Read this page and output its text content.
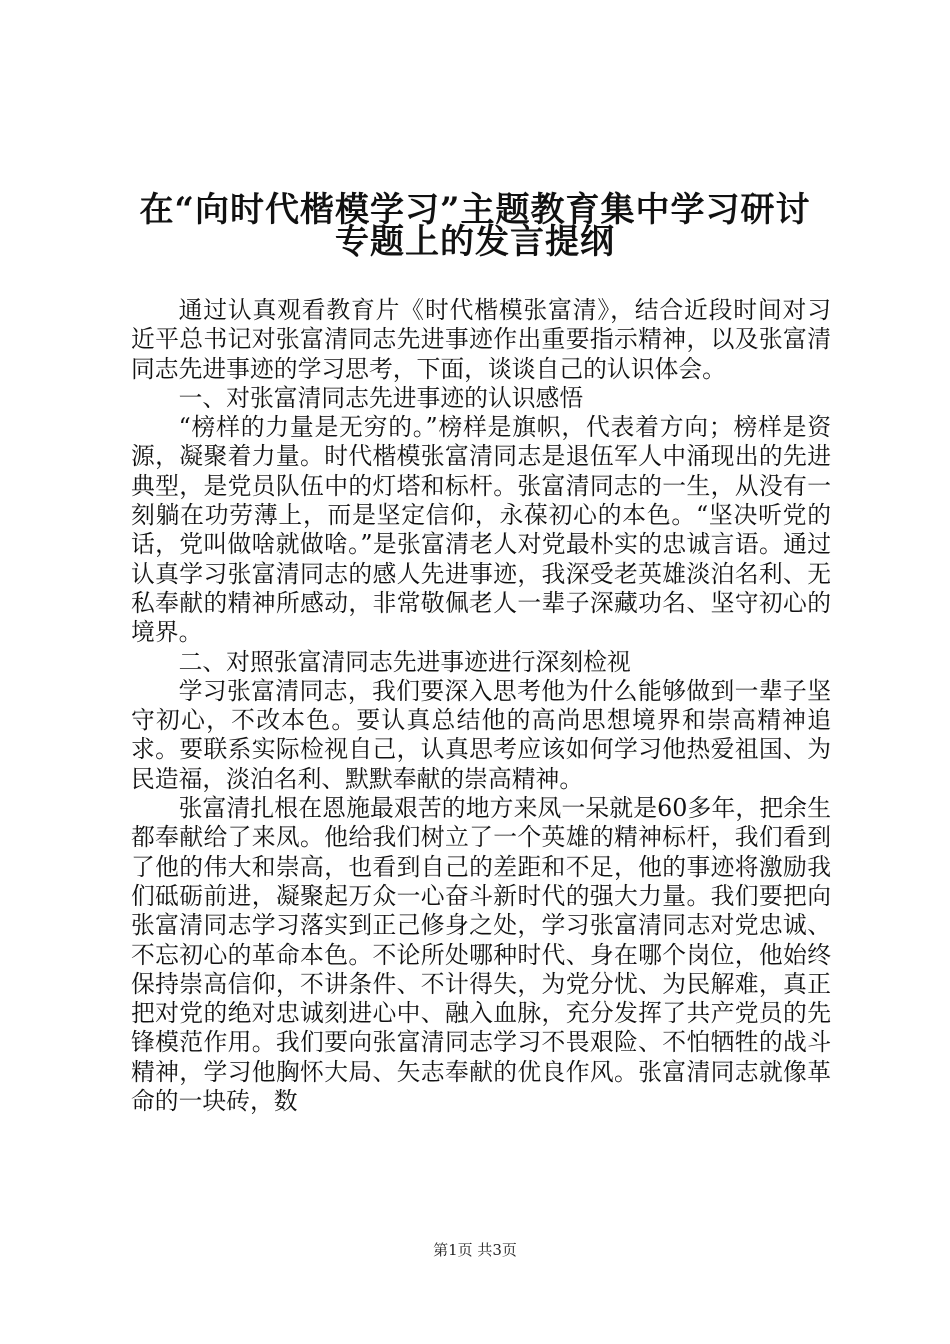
在“向时代楷模学习”主题教育集中学习研讨
专题上的发言提纲

通过认真观看教育片《时代楷模张富清》，结合近段时间对习近平总书记对张富清同志先进事迹作出重要指示精神，以及张富清同志先进事迹的学习思考，下面，谈谈自己的认识体会。

一、对张富清同志先进事迹的认识感悟

“榜样的力量是无穷的。”榜样是旗帜，代表着方向；榜样是资源，凝聚着力量。时代楷模张富清同志是退伍军人中涌现出的先进典型，是党员队伍中的灯塔和标杆。张富清同志的一生，从没有一刻躺在功劳薄上，而是坚定信仰，永葆初心的本色。“坚决听党的话，党叫做啥就做啥。”是张富清老人对党最朴实的忠诚言语。通过认真学习张富清同志的感人先进事迹，我深受老英雄淡泊名利、无私奉献的精神所感动，非常敬佩老人一辈子深藏功名、坚守初心的境界。

二、对照张富清同志先进事迹进行深刻检视

学习张富清同志，我们要深入思考他为什么能够做到一辈子坚守初心，不改本色。要认真总结他的高尚思想境界和崇高精神追求。要联系实际检视自己，认真思考应该如何学习他热爱祖国、为民造福，淡泊名利、默默奉献的崇高精神。

张富清扎根在恩施最艰苦的地方来凤一呆就是60多年，把余生都奉献给了来凤。他给我们树立了一个英雄的精神标杆，我们看到了他的伟大和崇高，也看到自己的差距和不足，他的事迹将激励我们砥砺前进，凝聚起万众一心奋斗新时代的强大力量。我们要把向张富清同志学习落实到正己修身之处，学习张富清同志对党忠诚、不忘初心的革命本色。不论所处哪种时代、身在哪个岗位，他始终保持崇高信仰，不讲条件、不计得失，为党分忧、为民解难，真正把对党的绝对忠诚刻进心中、融入血脉，充分发挥了共产党员的先锋模范作用。我们要向张富清同志学习不畏艰险、不怕牺牲的战斗精神，学习他胸怀大局、矢志奉献的优良作风。张富清同志就像革命的一块砖，数

第1页 共3页
